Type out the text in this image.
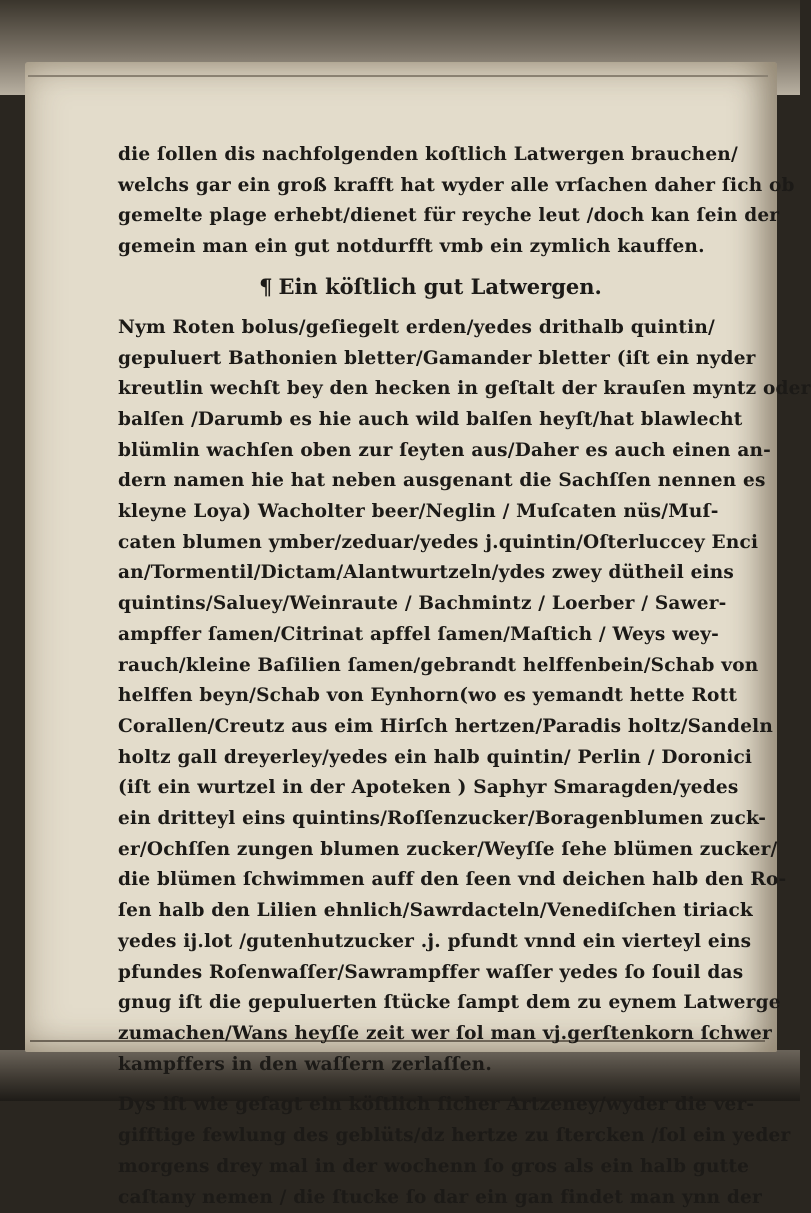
die ſollen dis nachfolgenden koſtlich Latwergen brauchen/
welchs gar ein groß krafft hat wyder alle vrſachen daher ſich ob
gemelte plage erhebt/dienet für reyche leut /doch kan ſein der
gemein man ein gut notdurfft vmb ein zymlich kauffen.
¶ Ein köſtlich gut Latwergen.
Nym Roten bolus/geſiegelt erden/yedes drithalb quintin/
gepuluert Bathonien bletter/Gamander bletter (iſt ein nyder
kreutlin wechſt bey den hecken in geſtalt der krauſen myntz oder
balſen /Darumb es hie auch wild balſen heyſt/hat blawlecht
blümlin wachſen oben zur ſeyten aus/Daher es auch einen an-
dern namen hie hat neben ausgenant die Sachſſen nennen es
kleyne Loya) Wacholter beer/Neglin / Muſcaten nüs/Muſ-
caten blumen ymber/zeduar/yedes j.quintin/Oſterluccey Enci
an/Tormentil/Dictam/Alantwurtzeln/ydes zwey dütheil eins
quintins/Saluey/Weinraute / Bachmintz / Loerber / Sawer-
ampffer ſamen/Citrinat apffel ſamen/Maſtich / Weys wey-
rauch/kleine Baſilien ſamen/gebrandt helffenbein/Schab von
helffen beyn/Schab von Eynhorn(wo es yemandt hette Rott
Corallen/Creutz aus eim Hirſch hertzen/Paradis holtz/Sandeln
holtz gall dreyerley/yedes ein halb quintin/ Perlin / Doronici
(iſt ein wurtzel in der Apoteken ) Saphyr Smaragden/yedes
ein dritteyl eins quintins/Roſſenzucker/Boragenblumen zuck-
er/Ochſſen zungen blumen zucker/Weyſſe ſehe blümen zucker/
die blümen ſchwimmen auff den ſeen vnd deichen halb den Ro-
ſen halb den Lilien ehnlich/Sawrdacteln/Venediſchen tiriack
yedes ij.lot /gutenhutzucker .j. pfundt vnnd ein vierteyl eins
pfundes Roſenwaſſer/Sawrampffer waſſer yedes ſo ſouil das
gnug iſt die gepuluerten ſtücke ſampt dem zu eynem Latwerge
zumachen/Wans heyſſe zeit wer ſol man vj.gerſtenkorn ſchwer
kampffers in den waſſern zerlaſſen.
Dys iſt wie geſagt ein köſtlich ſicher Artzeney/wyder die ver-
gifftige fewlung des geblüts/dz hertze zu ſtercken /ſol ein yeder
morgens drey mal in der wochenn ſo gros als ein halb gutte
caſtany nemen / die ſtucke ſo dar ein gan findet man ynn der
